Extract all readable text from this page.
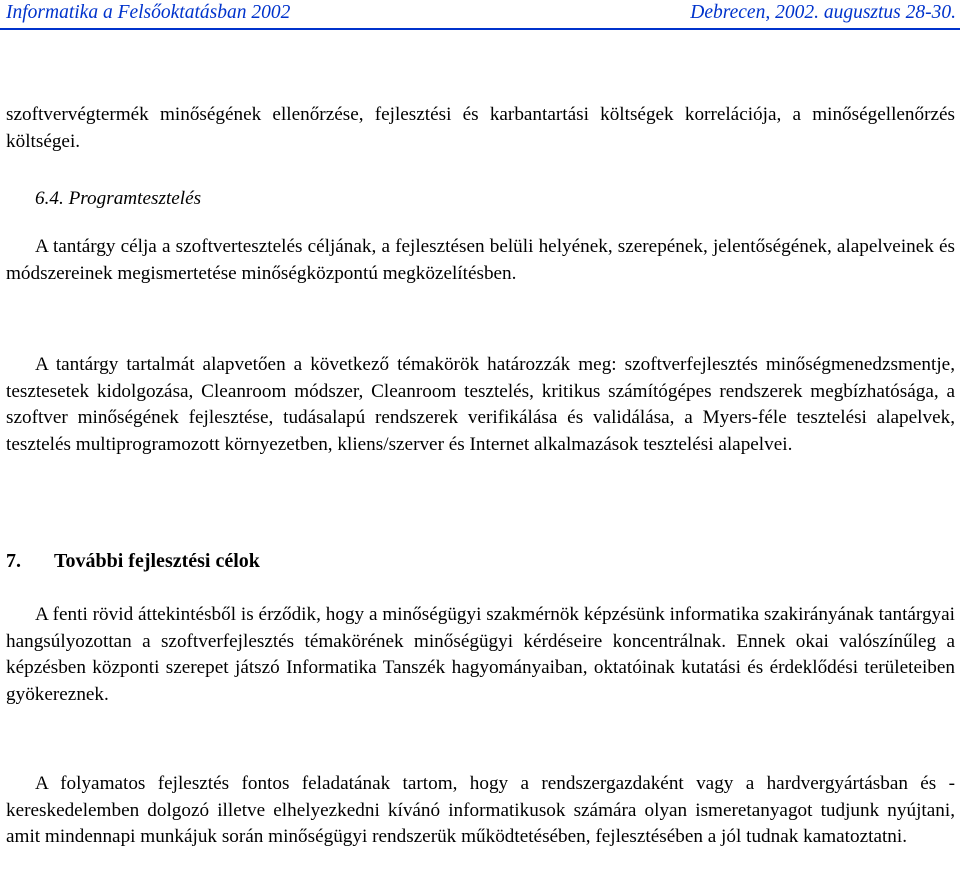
Informatika a Felsőoktatásban 2002	Debrecen, 2002. augusztus 28-30.

szoftvervégtermék minőségének ellenőrzése, fejlesztési és karbantartási költségek korrelációja, a minőségellenőrzés költségei.

6.4. Programtesztelés

A tantárgy célja a szoftvertesztelés céljának, a fejlesztésen belüli helyének, szerepének, jelentőségének, alapelveinek és módszereinek megismertetése minőségközpontú megközelítésben.

A tantárgy tartalmát alapvetően a következő témakörök határozzák meg: szoftverfejlesztés minőségmenedzsmentje, tesztesetek kidolgozása, Cleanroom módszer, Cleanroom tesztelés, kritikus számítógépes rendszerek megbízhatósága, a szoftver minőségének fejlesztése, tudásalapú rendszerek verifikálása és validálása, a Myers-féle tesztelési alapelvek, tesztelés multiprogramozott környezetben, kliens/szerver és Internet alkalmazások tesztelési alapelvei.

7. További fejlesztési célok

A fenti rövid áttekintésből is érződik, hogy a minőségügyi szakmérnök képzésünk informatika szakirányának tantárgyai hangsúlyozottan a szoftverfejlesztés témakörének minőségügyi kérdéseire koncentrálnak. Ennek okai valószínűleg a képzésben központi szerepet játszó Informatika Tanszék hagyományaiban, oktatóinak kutatási és érdeklődési területeiben gyökereznek.

A folyamatos fejlesztés fontos feladatának tartom, hogy a rendszergazdaként vagy a hardvergyártásban és -kereskedelemben dolgozó illetve elhelyezkedni kívánó informatikusok számára olyan ismeretanyagot tudjunk nyújtani, amit mindennapi munkájuk során minőségügyi rendszerük működtetésében, fejlesztésében a jól tudnak kamatoztatni.
